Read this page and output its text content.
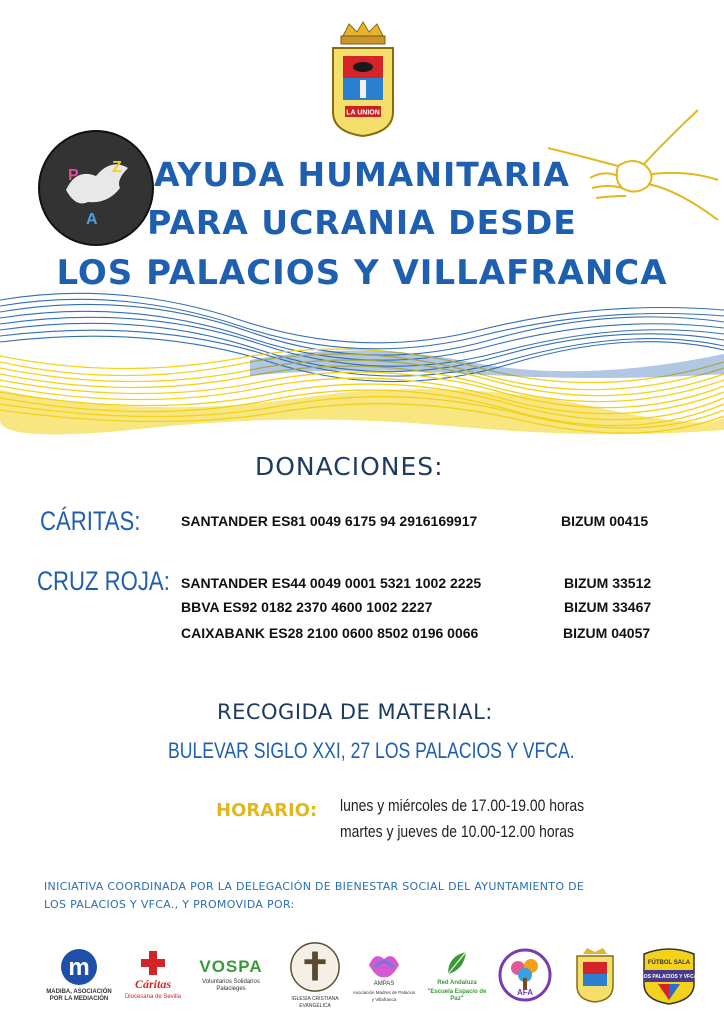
LA UNION
P
A
Z AYUDA HUMANITARIA
PARA UCRANIA DESDE
LOS PALACIOS Y VILLAFRANCA
DONACIONES:
CÁRITAS:	SANTANDER ES81 0049 6175 94 2916169917	BIZUM 00415
CRUZ ROJA: SANTANDER ES44 0049 0001 5321 1002 2225	BIZUM 33512
BBVA ES92 0182 2370 4600 1002 2227	BIZUM 33467
CAIXABANK ES28 2100 0600 8502 0196 0066	BIZUM 04057
RECOGIDA DE MATERIAL:
BULEVAR SIGLO XXI, 27 LOS PALACIOS Y VFCA.
HORARIO: lunes y miércoles de 17.00-19.00 horas
martes y jueves de 10.00-12.00 horas
INICIATIVA COORDINADA POR LA DELEGACIÓN DE BIENESTAR SOCIAL DEL AYUNTAMIENTO DE
LOS PALACIOS Y VFCA., Y PROMOVIDA POR:
m
MADIBA, ASOCIACIÓN POR LA MEDIACIÓN
Cáritas
Diocesana de Sevilla
VOSPA
Voluntarios Solidarios Palacieges
IGLESIA CRISTIANA EVANGÉLICA
AMPAS
Asociación Madres de Palacios y Villafranca
Red Andaluza
"Escuela Espacio de Paz"
AFA
FÚTBOL SALA
LOS PALACIOS Y VFCA
